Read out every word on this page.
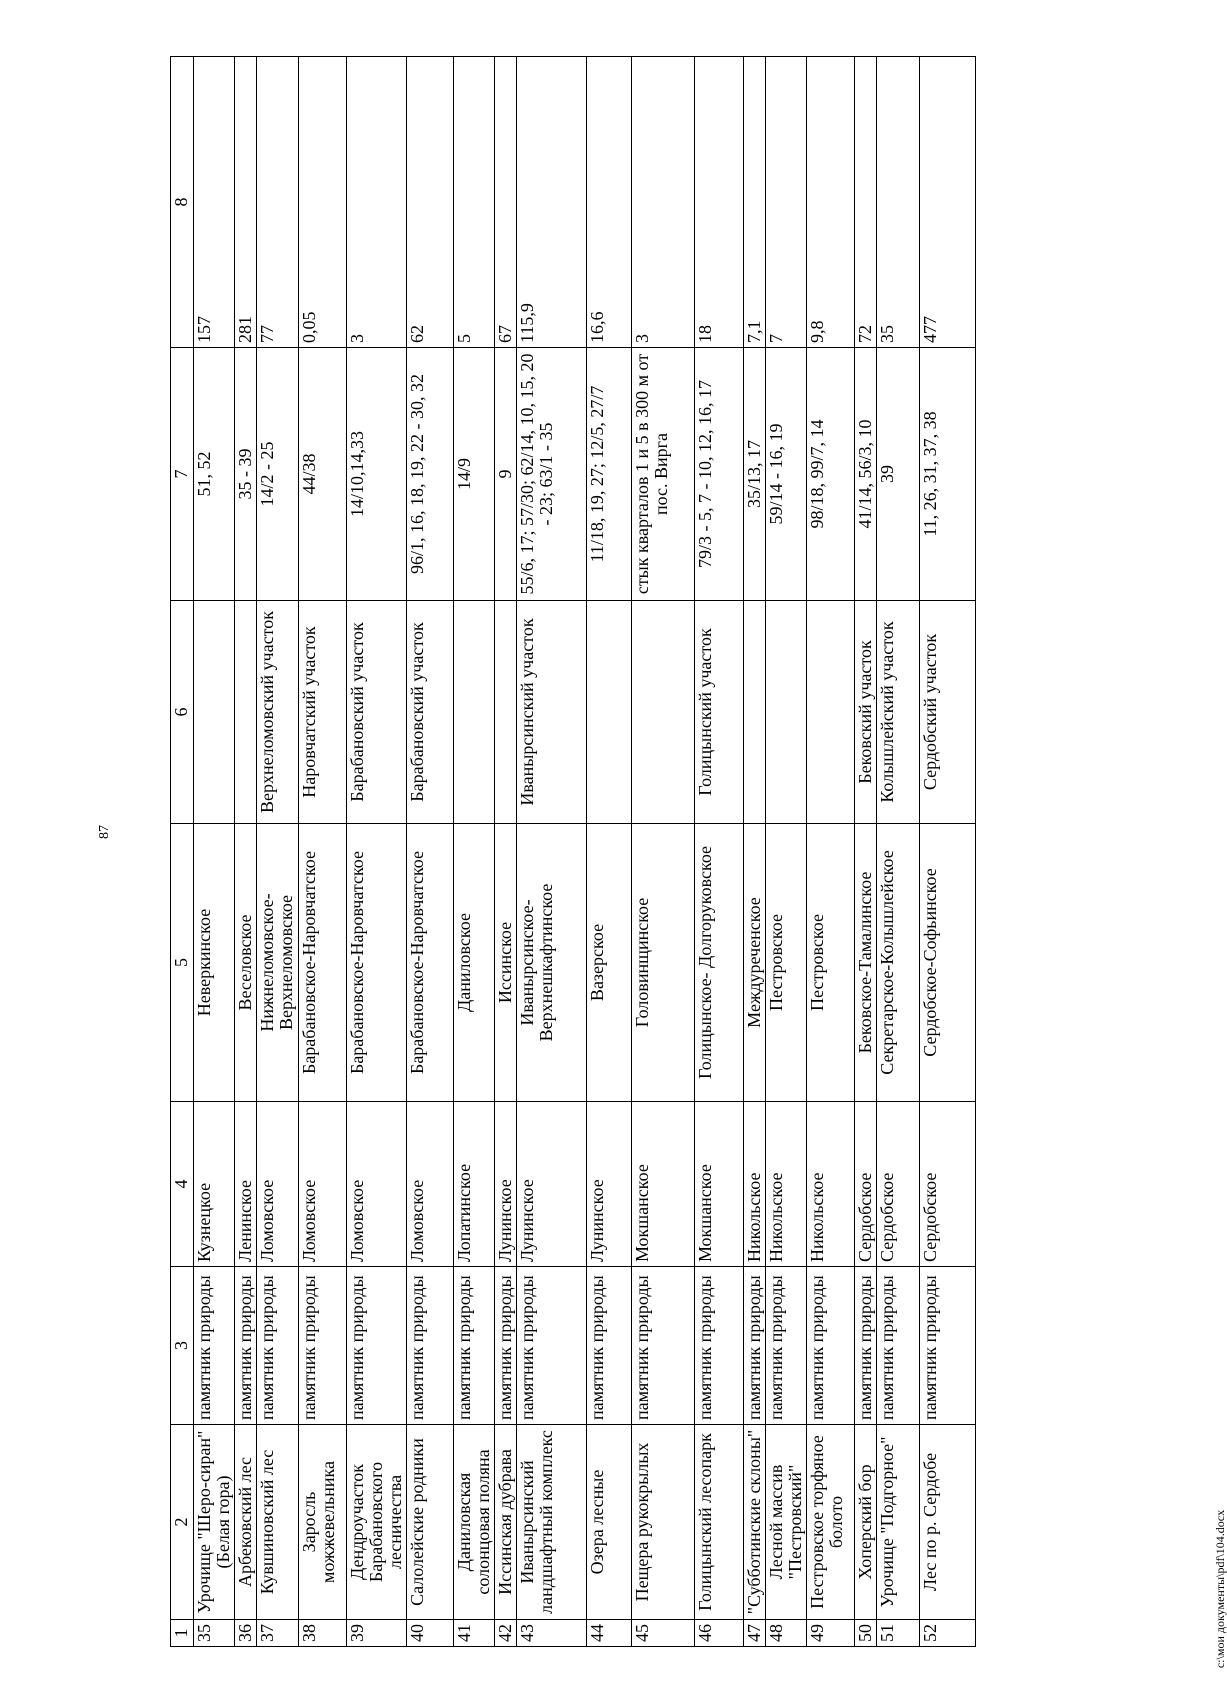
87
1	2	3	4	5	6	7	8
35	Урочище "Шеро-сиран" (Белая гора)	памятник природы	Кузнецкое	Неверкинское		51, 52	157
36	Арбековский лес	памятник природы	Ленинское	Веселовское		35 - 39	281
37	Кувшиновский лес	памятник природы	Ломовское	Нижнеломовское- Верхнеломовское	Верхнеломовский участок	14/2 - 25	77
38	Заросль можжевельника	памятник природы	Ломовское	Барабановское-Наровчатское	Наровчатский участок	44/38	0,05
39	Дендроучасток Барабановского лесничества	памятник природы	Ломовское	Барабановское-Наровчатское	Барабановский участок	14/10,14,33	3
40	Салолейские родники	памятник природы	Ломовское	Барабановское-Наровчатское	Барабановский участок	96/1, 16, 18, 19, 22 - 30, 32	62
41	Даниловская солонцовая поляна	памятник природы	Лопатинское	Даниловское		14/9	5
42	Иссинская дубрава	памятник природы	Лунинское	Иссинское		9	67
43	Иванырсинский ландшафтный комплекс	памятник природы	Лунинское	Иванырсинское- Верхнешкафтинское	Иванырсинский участок	55/6, 17; 57/30; 62/14, 10, 15, 20 - 23; 63/1 - 35	115,9
44	Озера лесные	памятник природы	Лунинское	Вазерское		11/18, 19, 27; 12/5, 27/7	16,6
45	Пещера рукокрылых	памятник природы	Мокшанское	Головинщинское		стык кварталов 1 и 5 в 300 м от пос. Вирга	3
46	Голицынский лесопарк	памятник природы	Мокшанское	Голицынское- Долгоруковское	Голицынский участок	79/3 - 5, 7 - 10, 12, 16, 17	18
47	"Субботинские склоны"	памятник природы	Никольское	Междуреченское		35/13, 17	7,1
48	Лесной массив "Пестровский"	памятник природы	Никольское	Пестровское		59/14 - 16, 19	7
49	Пестровское торфяное болото	памятник природы	Никольское	Пестровское		98/18, 99/7, 14	9,8
50	Хоперский бор	памятник природы	Сердобское	Бековское-Тамалинское	Бековский участок	41/14, 56/3, 10	72
51	Урочище "Подгорное"	памятник природы	Сердобское	Секретарское-Колышлейское	Колышлейский участок	39	35
52	Лес по р. Сердобе	памятник природы	Сердобское	Сердобское-Софьинское	Сердобский участок	11, 26, 31, 37, 38	477
c:\мои документы\pdf\104.docx
